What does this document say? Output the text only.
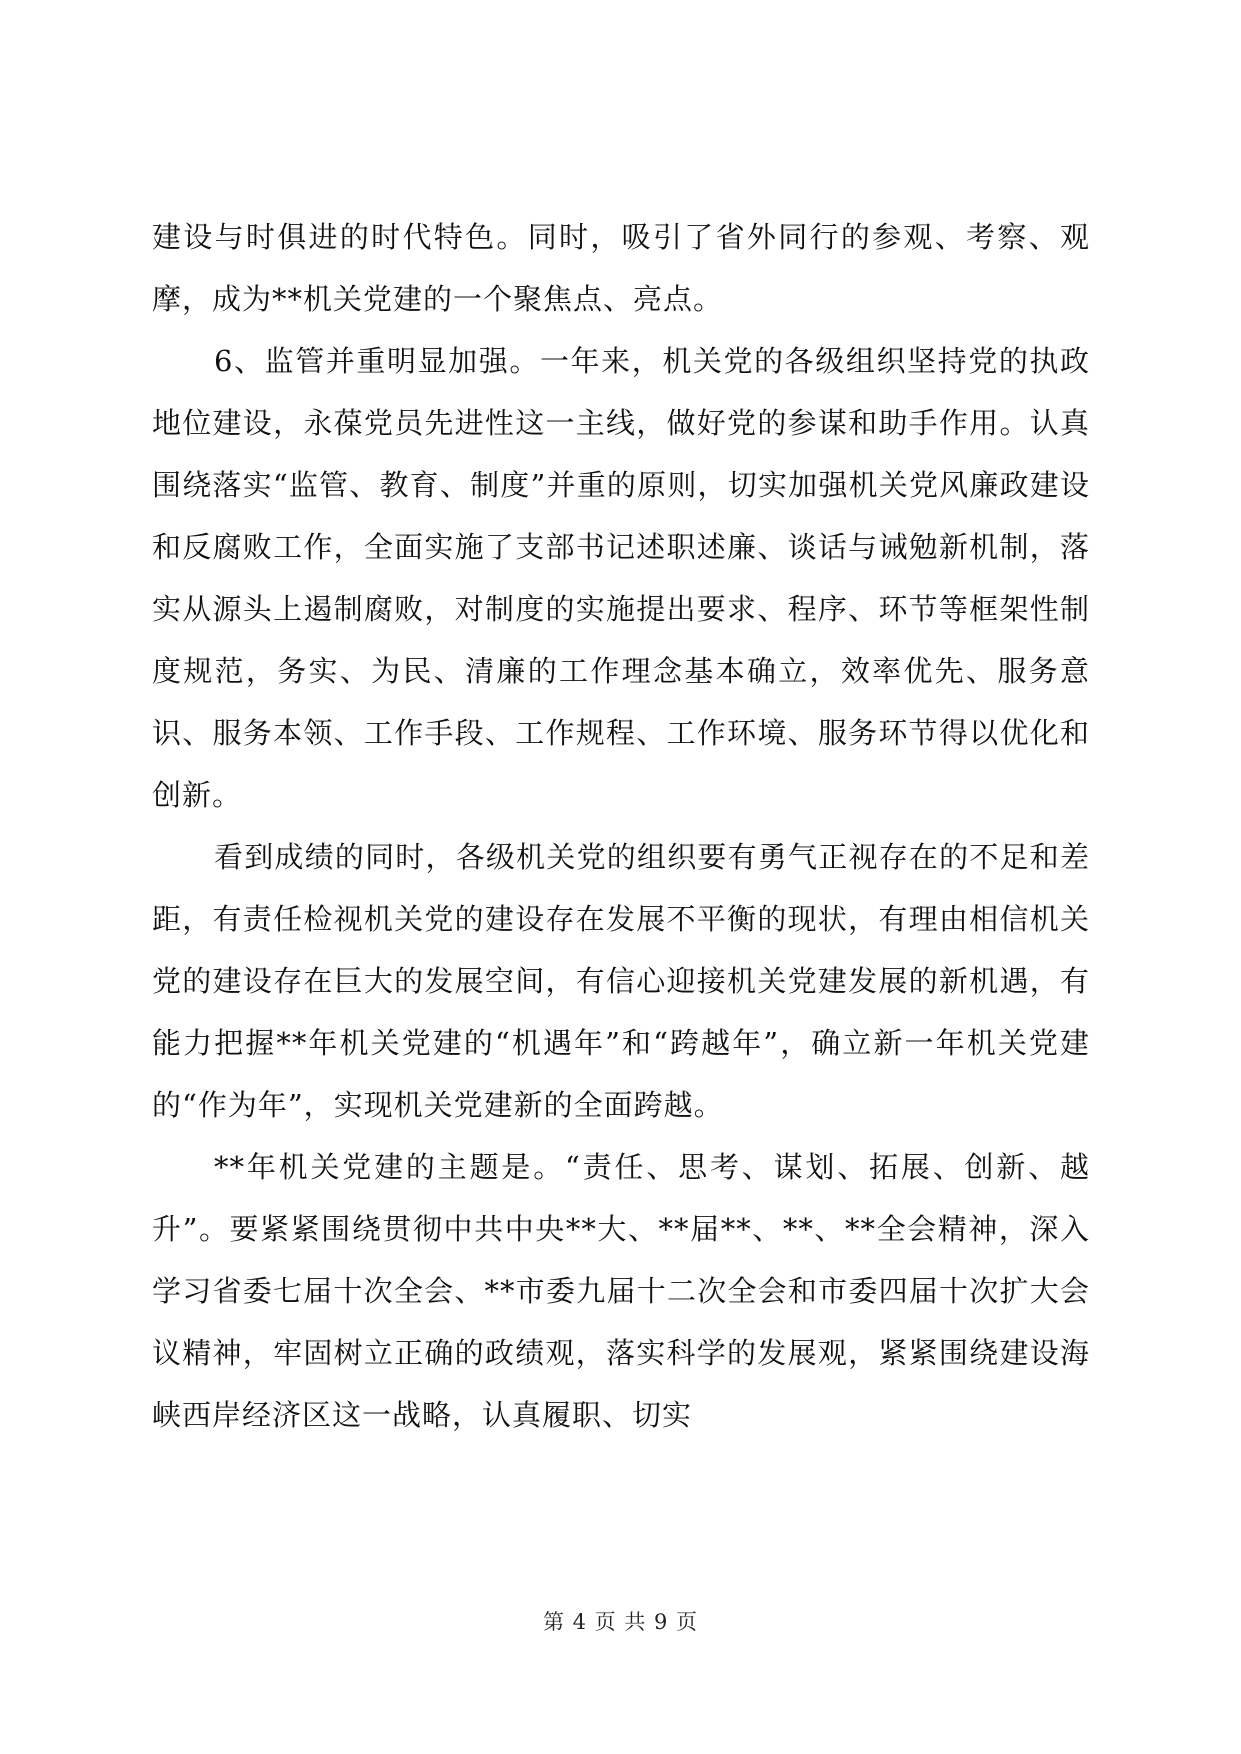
建设与时俱进的时代特色。同时，吸引了省外同行的参观、考察、观摩，成为**机关党建的一个聚焦点、亮点。

6、监管并重明显加强。一年来，机关党的各级组织坚持党的执政地位建设，永葆党员先进性这一主线，做好党的参谋和助手作用。认真围绕落实“监管、教育、制度”并重的原则，切实加强机关党风廉政建设和反腐败工作，全面实施了支部书记述职述廉、谈话与诫勉新机制，落实从源头上遏制腐败，对制度的实施提出要求、程序、环节等框架性制度规范，务实、为民、清廉的工作理念基本确立，效率优先、服务意识、服务本领、工作手段、工作规程、工作环境、服务环节得以优化和创新。

看到成绩的同时，各级机关党的组织要有勇气正视存在的不足和差距，有责任检视机关党的建设存在发展不平衡的现状，有理由相信机关党的建设存在巨大的发展空间，有信心迎接机关党建发展的新机遇，有能力把握**年机关党建的“机遇年”和“跨越年”，确立新一年机关党建的“作为年”，实现机关党建新的全面跨越。

**年机关党建的主题是。“责任、思考、谋划、拓展、创新、越升”。要紧紧围绕贯彻中共中央**大、**届**、**、**全会精神，深入学习省委七届十次全会、**市委九届十二次全会和市委四届十次扩大会议精神，牢固树立正确的政绩观，落实科学的发展观，紧紧围绕建设海峡西岸经济区这一战略，认真履职、切实

第 4 页 共 9 页
